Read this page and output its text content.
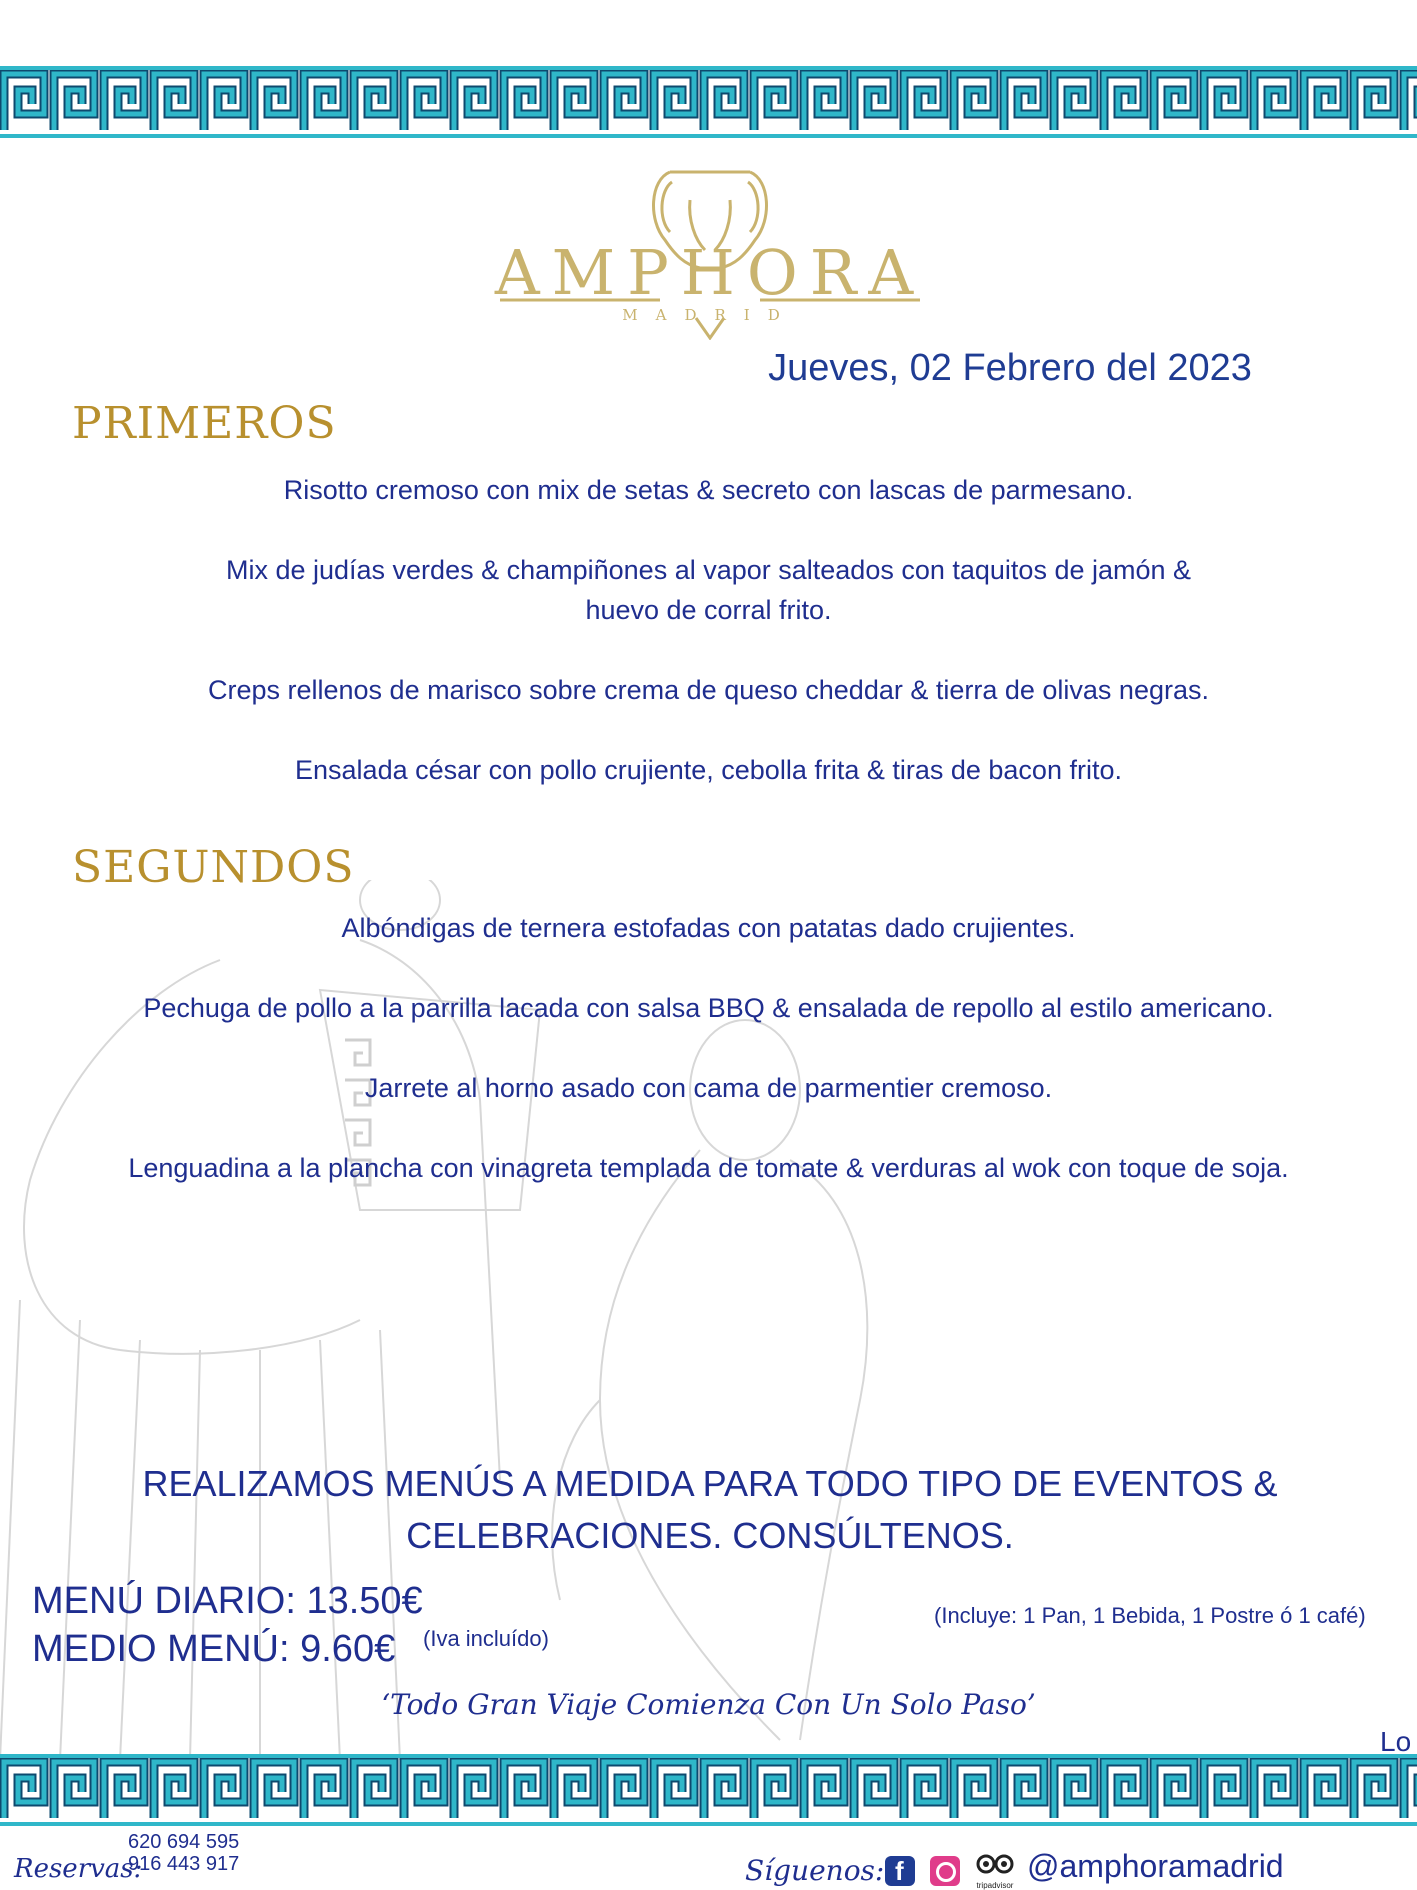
AMPHORA
MADRID
Jueves, 02 Febrero del 2023
PRIMEROS
Risotto cremoso con mix de setas & secreto con lascas de parmesano.
Mix de judías verdes & champiñones al vapor salteados con taquitos de jamón &
huevo de corral frito.
Creps rellenos de marisco sobre crema de queso cheddar & tierra de olivas negras.
Ensalada césar con pollo crujiente, cebolla frita & tiras de bacon frito.
SEGUNDOS
Albóndigas de ternera estofadas con patatas dado crujientes.
Pechuga de pollo a la parrilla lacada con salsa BBQ & ensalada de repollo al estilo americano.
Jarrete al horno asado con cama de parmentier cremoso.
Lenguadina a la plancha con vinagreta templada de tomate & verduras al wok con toque de soja.
REALIZAMOS MENÚS A MEDIDA PARA TODO TIPO DE EVENTOS &
CELEBRACIONES. CONSÚLTENOS.
MENÚ DIARIO: 13.50€
MEDIO MENÚ: 9.60€ (Iva incluído)
(Incluye: 1 Pan, 1 Bebida, 1 Postre ó 1 café)
‘Todo Gran Viaje Comienza Con Un Solo Paso’
Lo
Reservas:
620 694 595
916 443 917	Síguenos: f	tripadvisor
@amphoramadrid
